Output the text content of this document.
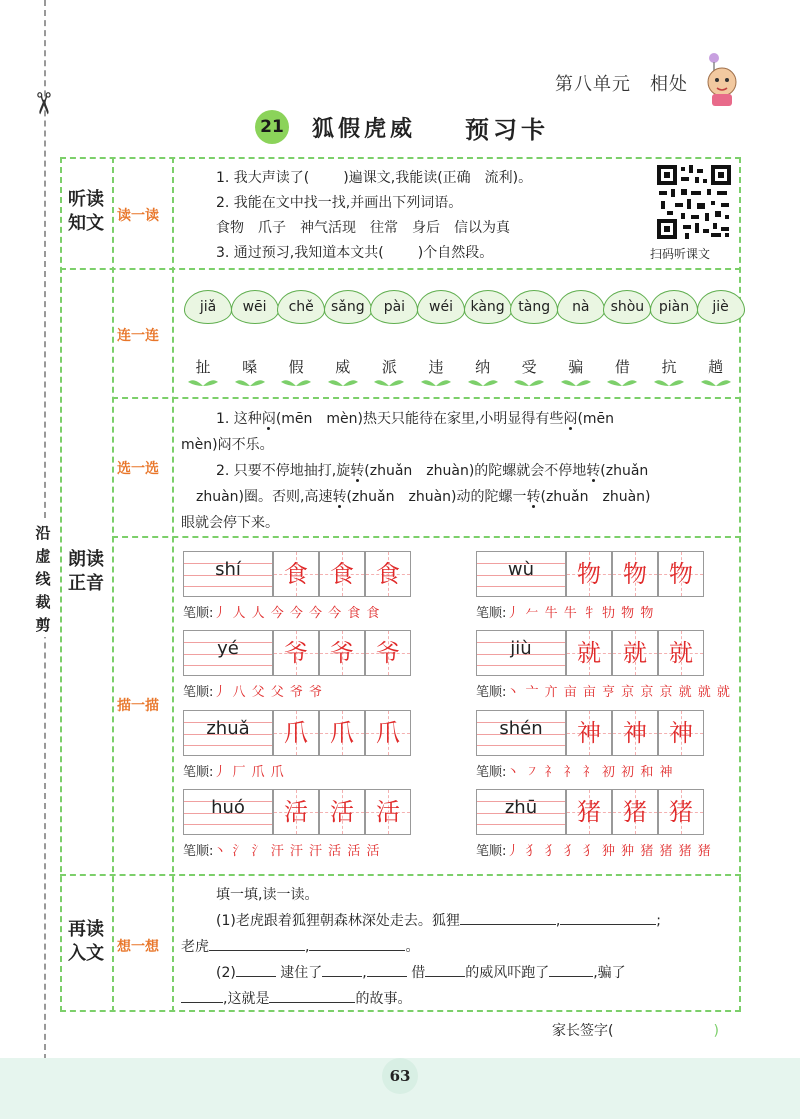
✂
沿虚线裁剪
第八单元　相处
21 狐假虎威 预习卡
听读知文 读一读
朗读正音
连一连
选一选
描一描
再读入文 想一想
1. 我大声读了( )遍课文,我能读(正确　流利)。
2. 我能在文中找一找,并画出下列词语。
食物　爪子　神气活现　往常　身后　信以为真
3. 通过预习,我知道本文共( )个自然段。	扫码听课文
jiǎ	wēi	chě	sǎng	pài	wéi	kàng tàng	nà	shòu	piàn	jiè
扯	嗓	假	威	派	违	纳	受	骗	借	抗	趟
1. 这种闷(mēn　mèn)热天只能待在家里,小明显得有些闷(mēn
mèn)闷不乐。
2. 只要不停地抽打,旋转(zhuǎn　zhuàn)的陀螺就会不停地转(zhuǎn
zhuàn)圈。否则,高速转(zhuǎn　zhuàn)动的陀螺一转(zhuǎn　zhuàn)
眼就会停下来。
shí	食 食 食
笔顺:丿 人 人 今 今 今 今 食 食
wù	物 物 物
笔顺:丿 𠂉 牛 牛 牜 牞 物 物
yé	爷 爷 爷
笔顺:丿 八 父 父 爷 爷
jiù	就 就 就
笔顺:丶 亠 亣 亩 亩 亨 京 京 京 就 就 就
zhuǎ	爪 爪 爪
笔顺:丿 厂 爪 爪
shén	神 神 神
笔顺:丶 ㇇ 礻 礻 礻 初 初 和 神
huó	活 活 活
笔顺:丶 氵 氵 汗 汗 汗 活 活 活
zhū	猪 猪 猪
笔顺:丿 犭 犭 犭 犭 狆 狆 猪 猪 猪 猪
填一填,读一读。
(1)老虎跟着狐狸朝森林深处走去。狐狸	,	;
老虎	,	。
(2)	逮住了	,	借	的威风吓跑了	,骗了
,这就是	的故事。
家长签字(	)
63
